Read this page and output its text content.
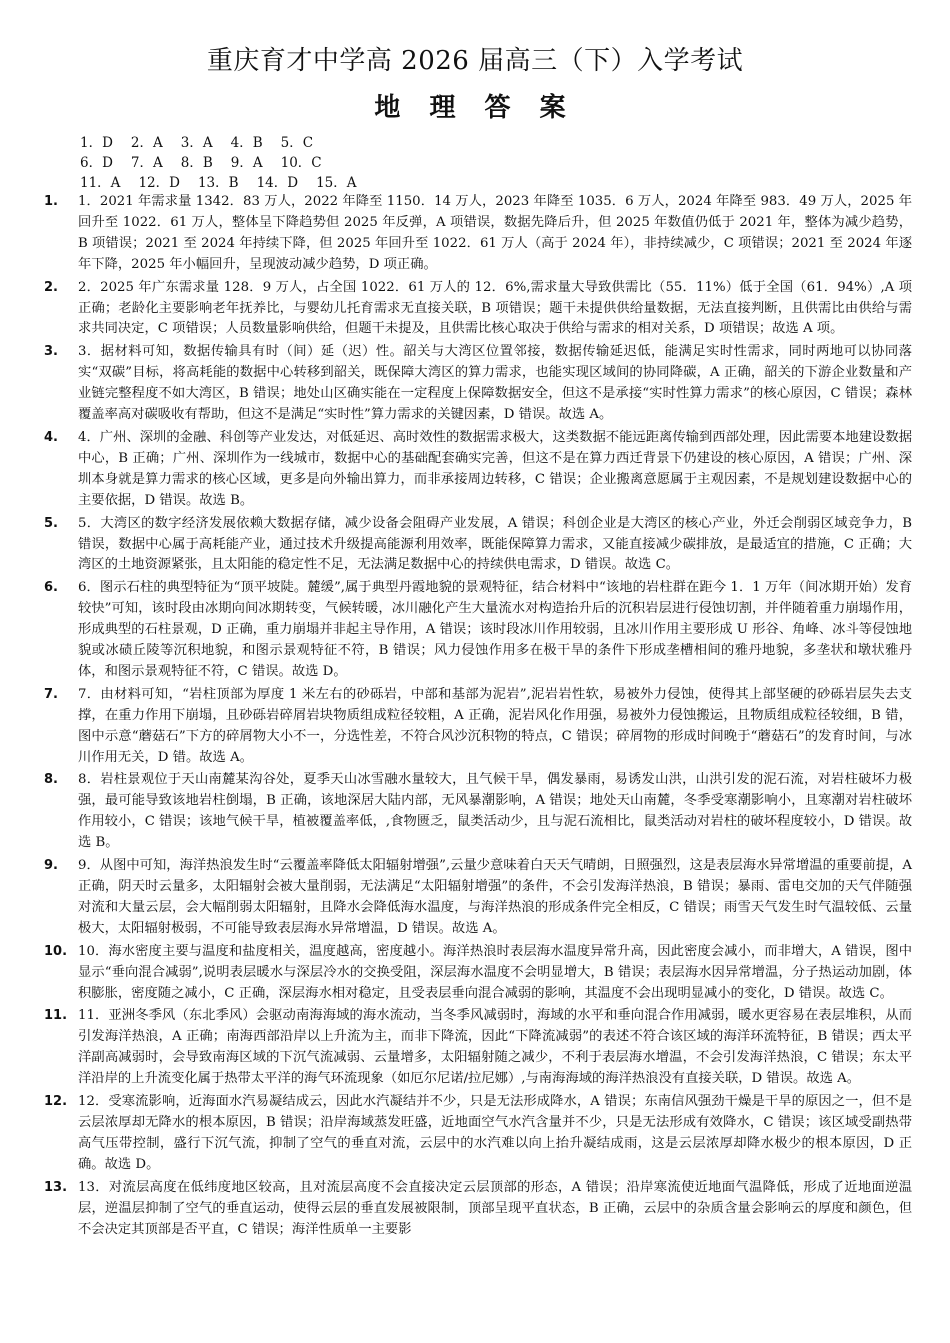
重庆育才中学高 2026 届高三（下）入学考试
地 理 答 案
1．D 2．A 3．A 4．B 5．C
6．D 7．A 8．B 9．A 10．C
11．A 12．D 13．B 14．D 15．A
1. 1．2021 年需求量 1342．83 万人，2022 年降至 1150．14 万人，2023 年降至 1035．6 万人，2024 年降至 983．49 万人，2025 年回升至 1022．61 万人，整体呈下降趋势但 2025 年反弹，A 项错误，数据先降后升，但 2025 年数值仍低于 2021 年，整体为减少趋势，B 项错误；2021 至 2024 年持续下降，但 2025 年回升至 1022．61 万人（高于 2024 年），非持续减少，C 项错误；2021 至 2024 年逐年下降，2025 年小幅回升，呈现波动减少趋势，D 项正确。
2. 2．2025 年广东需求量 128．9 万人，占全国 1022．61 万人的 12．6%,需求量大导致供需比（55．11%）低于全国（61．94%）,A 项正确；老龄化主要影响老年抚养比，与婴幼儿托育需求无直接关联，B 项错误；题干未提供供给量数据，无法直接判断，且供需比由供给与需求共同决定，C 项错误；人员数量影响供给，但题干未提及，且供需比核心取决于供给与需求的相对关系，D 项错误；故选 A 项。
3. 3．据材料可知，数据传输具有时（间）延（迟）性。韶关与大湾区位置邻接，数据传输延迟低，能满足实时性需求，同时两地可以协同落实“双碳”目标，将高耗能的数据中心转移到韶关，既保障大湾区的算力需求，也能实现区域间的协同降碳，A 正确，韶关的下游企业数量和产业链完整程度不如大湾区，B 错误；地处山区确实能在一定程度上保障数据安全，但这不是承接“实时性算力需求”的核心原因，C 错误；森林覆盖率高对碳吸收有帮助，但这不是满足“实时性”算力需求的关键因素，D 错误。故选 A。
4. 4．广州、深圳的金融、科创等产业发达，对低延迟、高时效性的数据需求极大，这类数据不能远距离传输到西部处理，因此需要本地建设数据中心，B 正确；广州、深圳作为一线城市，数据中心的基础配套确实完善，但这不是在算力西迁背景下仍建设的核心原因，A 错误；广州、深圳本身就是算力需求的核心区域，更多是向外输出算力，而非承接周边转移，C 错误；企业搬离意愿属于主观因素，不是规划建设数据中心的主要依据，D 错误。故选 B。
5. 5．大湾区的数字经济发展依赖大数据存储，减少设备会阻碍产业发展，A 错误；科创企业是大湾区的核心产业，外迁会削弱区域竞争力，B 错误，数据中心属于高耗能产业，通过技术升级提高能源利用效率，既能保障算力需求，又能直接减少碳排放，是最适宜的措施，C 正确；大湾区的土地资源紧张，且太阳能的稳定性不足，无法满足数据中心的持续供电需求，D 错误。故选 C。
6. 6．图示石柱的典型特征为“顶平坡陡。麓缓”,属于典型丹霞地貌的景观特征，结合材料中“该地的岩柱群在距今 1．1 万年（间冰期开始）发育较快”可知，该时段由冰期向间冰期转变，气候转暖，冰川融化产生大量流水对构造抬升后的沉积岩层进行侵蚀切割，并伴随着重力崩塌作用，形成典型的石柱景观，D 正确，重力崩塌并非起主导作用，A 错误；该时段冰川作用较弱，且冰川作用主要形成 U 形谷、角峰、冰斗等侵蚀地貌或冰碛丘陵等沉积地貌，和图示景观特征不符，B 错误；风力侵蚀作用多在极干旱的条件下形成垄槽相间的雅丹地貌，多垄状和墩状雅丹体，和图示景观特征不符，C 错误。故选 D。
7. 7．由材料可知，“岩柱顶部为厚度 1 米左右的砂砾岩，中部和基部为泥岩”,泥岩岩性软，易被外力侵蚀，使得其上部坚硬的砂砾岩层失去支撑，在重力作用下崩塌，且砂砾岩碎屑岩块物质组成粒径较粗，A 正确，泥岩风化作用强，易被外力侵蚀搬运，且物质组成粒径较细，B 错，图中示意“蘑菇石”下方的碎屑物大小不一，分选性差，不符合风沙沉积物的特点，C 错误；碎屑物的形成时间晚于“蘑菇石”的发育时间，与冰川作用无关，D 错。故选 A。
8. 8．岩柱景观位于天山南麓某沟谷处，夏季天山冰雪融水量较大，且气候干旱，偶发暴雨，易诱发山洪，山洪引发的泥石流，对岩柱破坏力极强，最可能导致该地岩柱倒塌，B 正确，该地深居大陆内部，无风暴潮影响，A 错误；地处天山南麓，冬季受寒潮影响小，且寒潮对岩柱破坏作用较小，C 错误；该地气候干旱，植被覆盖率低，,食物匮乏，鼠类活动少，且与泥石流相比，鼠类活动对岩柱的破坏程度较小，D 错误。故选 B。
9. 9．从图中可知，海洋热浪发生时“云覆盖率降低太阳辐射增强”,云量少意味着白天天气晴朗，日照强烈，这是表层海水异常增温的重要前提，A 正确，阴天时云量多，太阳辐射会被大量削弱，无法满足“太阳辐射增强”的条件，不会引发海洋热浪，B 错误；暴雨、雷电交加的天气伴随强对流和大量云层，会大幅削弱太阳辐射，且降水会降低海水温度，与海洋热浪的形成条件完全相反，C 错误；雨雪天气发生时气温较低、云量极大，太阳辐射极弱，不可能导致表层海水异常增温，D 错误。故选 A。
10. 10．海水密度主要与温度和盐度相关，温度越高，密度越小。海洋热浪时表层海水温度异常升高，因此密度会减小，而非增大，A 错误，图中显示“垂向混合减弱”,说明表层暖水与深层冷水的交换受阻，深层海水温度不会明显增大，B 错误；表层海水因异常增温，分子热运动加剧，体积膨胀，密度随之减小，C 正确，深层海水相对稳定，且受表层垂向混合减弱的影响，其温度不会出现明显减小的变化，D 错误。故选 C。
11. 11．亚洲冬季风（东北季风）会驱动南海海域的海水流动，当冬季风减弱时，海域的水平和垂向混合作用减弱，暖水更容易在表层堆积，从而引发海洋热浪，A 正确；南海西部沿岸以上升流为主，而非下降流，因此“下降流减弱”的表述不符合该区域的海洋环流特征，B 错误；西太平洋副高减弱时，会导致南海区域的下沉气流减弱、云量增多，太阳辐射随之减少，不利于表层海水增温，不会引发海洋热浪，C 错误；东太平洋沿岸的上升流变化属于热带太平洋的海气环流现象（如厄尔尼诺/拉尼娜）,与南海海域的海洋热浪没有直接关联，D 错误。故选 A。
12. 12．受寒流影响，近海面水汽易凝结成云，因此水汽凝结并不少，只是无法形成降水，A 错误；东南信风强劲干燥是干旱的原因之一，但不是云层浓厚却无降水的根本原因，B 错误；沿岸海域蒸发旺盛，近地面空气水汽含量并不少，只是无法形成有效降水，C 错误；该区域受副热带高气压带控制，盛行下沉气流，抑制了空气的垂直对流，云层中的水汽难以向上抬升凝结成雨，这是云层浓厚却降水极少的根本原因，D 正确。故选 D。
13. 13．对流层高度在低纬度地区较高，且对流层高度不会直接决定云层顶部的形态，A 错误；沿岸寒流使近地面气温降低，形成了近地面逆温层，逆温层抑制了空气的垂直运动，使得云层的垂直发展被限制，顶部呈现平直状态，B 正确，云层中的杂质含量会影响云的厚度和颜色，但不会决定其顶部是否平直，C 错误；海洋性质单一主要影
